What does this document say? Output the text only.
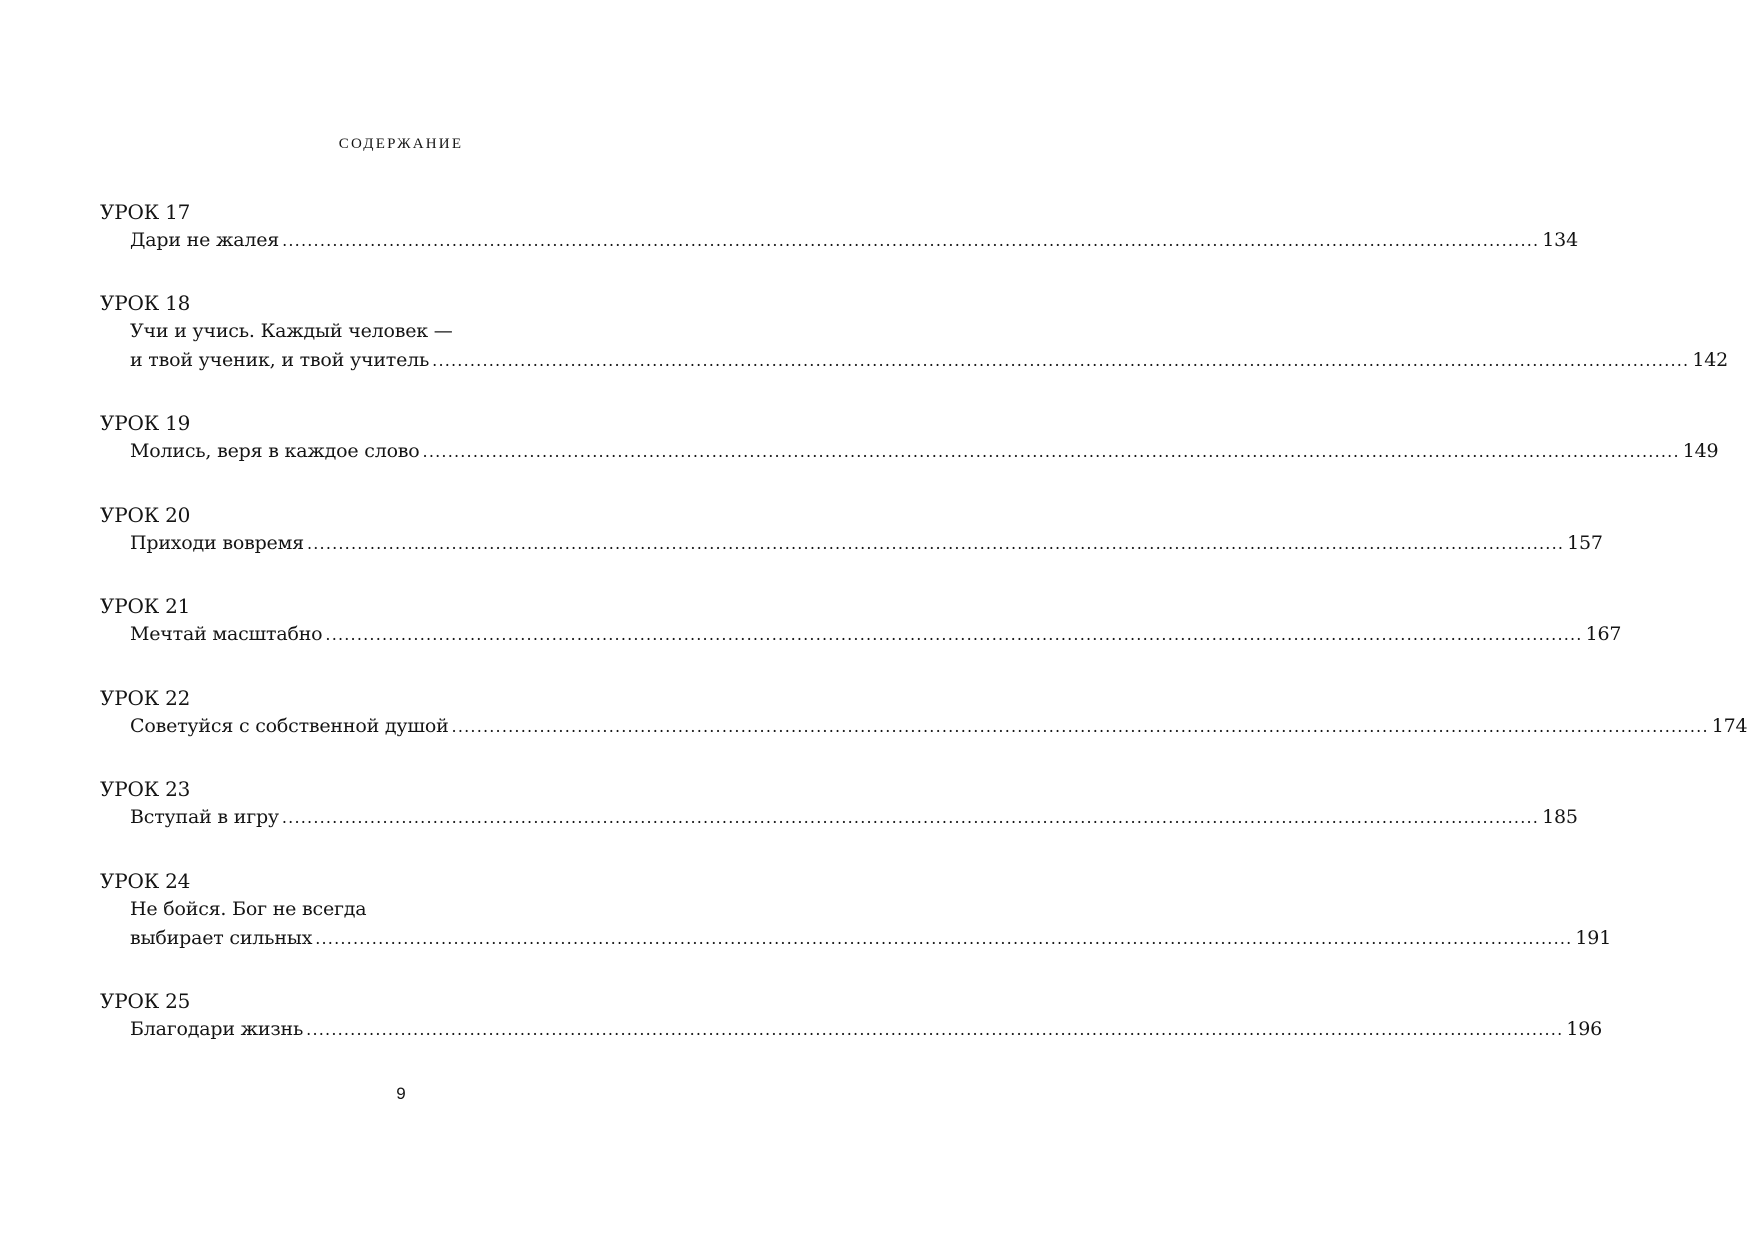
СОДЕРЖАНИЕ
УРОК 17
Дари не жалея ........................................................................................................................................................................................................ 134
УРОК 18
Учи и учись. Каждый человек —
и твой ученик, и твой учитель ........................................................................................................................................................................................................ 142
УРОК 19
Молись, веря в каждое слово ........................................................................................................................................................................................................ 149
УРОК 20
Приходи вовремя ........................................................................................................................................................................................................ 157
УРОК 21
Мечтай масштабно ........................................................................................................................................................................................................ 167
УРОК 22
Советуйся с собственной душой ........................................................................................................................................................................................................ 174
УРОК 23
Вступай в игру ........................................................................................................................................................................................................ 185
УРОК 24
Не бойся. Бог не всегда
выбирает сильных ........................................................................................................................................................................................................ 191
УРОК 25
Благодари жизнь ........................................................................................................................................................................................................ 196
9
